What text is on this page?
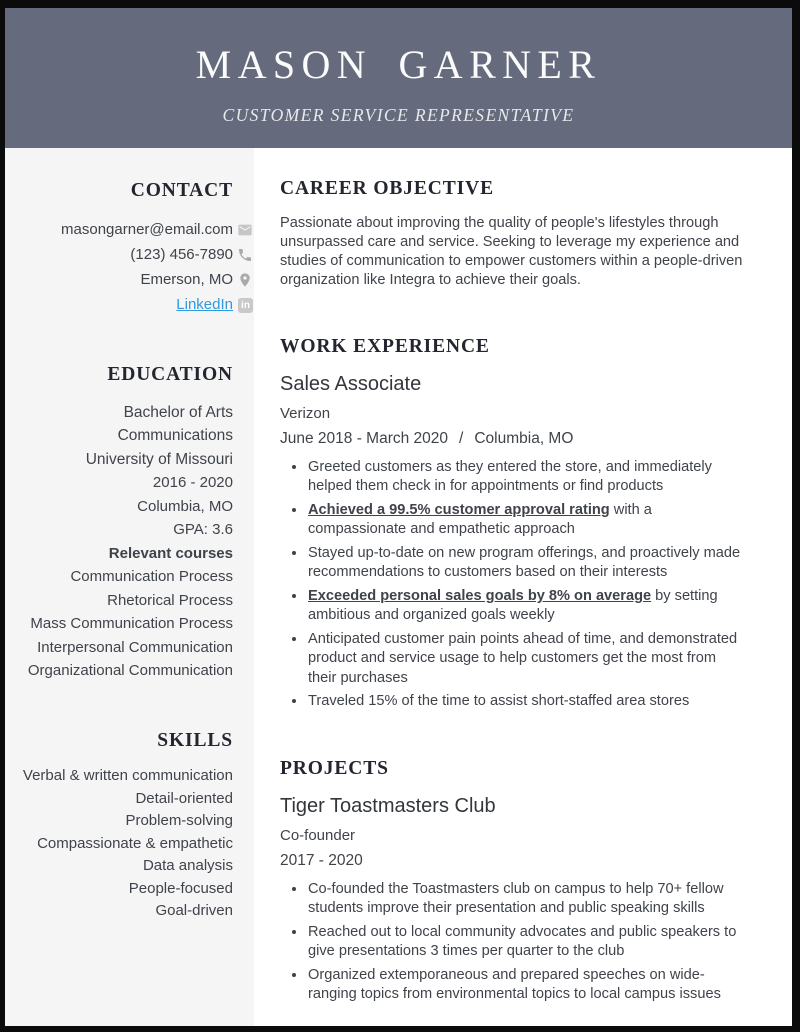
MASON GARNER
CUSTOMER SERVICE REPRESENTATIVE
CONTACT
masongarner@email.com
(123) 456-7890
Emerson, MO
LinkedIn in
EDUCATION
Bachelor of Arts
Communications
University of Missouri
2016 - 2020
Columbia, MO
GPA: 3.6
Relevant courses
Communication Process
Rhetorical Process
Mass Communication Process
Interpersonal Communication
Organizational Communication
SKILLS
Verbal & written communication
Detail-oriented
Problem-solving
Compassionate & empathetic
Data analysis
People-focused
Goal-driven
CAREER OBJECTIVE

Passionate about improving the quality of people's lifestyles through unsurpassed care and service. Seeking to leverage my experience and studies of communication to empower customers within a people-driven organization like Integra to achieve their goals.

WORK EXPERIENCE
Sales Associate
Verizon
June 2018 - March 2020 / Columbia, MO
• Greeted customers as they entered the store, and immediately helped them check in for appointments or find products
• Achieved a 99.5% customer approval rating with a compassionate and empathetic approach
• Stayed up-to-date on new program offerings, and proactively made recommendations to customers based on their interests
• Exceeded personal sales goals by 8% on average by setting ambitious and organized goals weekly
• Anticipated customer pain points ahead of time, and demonstrated product and service usage to help customers get the most from their purchases
• Traveled 15% of the time to assist short-staffed area stores
PROJECTS
Tiger Toastmasters Club
Co-founder
2017 - 2020
• Co-founded the Toastmasters club on campus to help 70+ fellow students improve their presentation and public speaking skills
• Reached out to local community advocates and public speakers to give presentations 3 times per quarter to the club
• Organized extemporaneous and prepared speeches on wide-ranging topics from environmental topics to local campus issues
